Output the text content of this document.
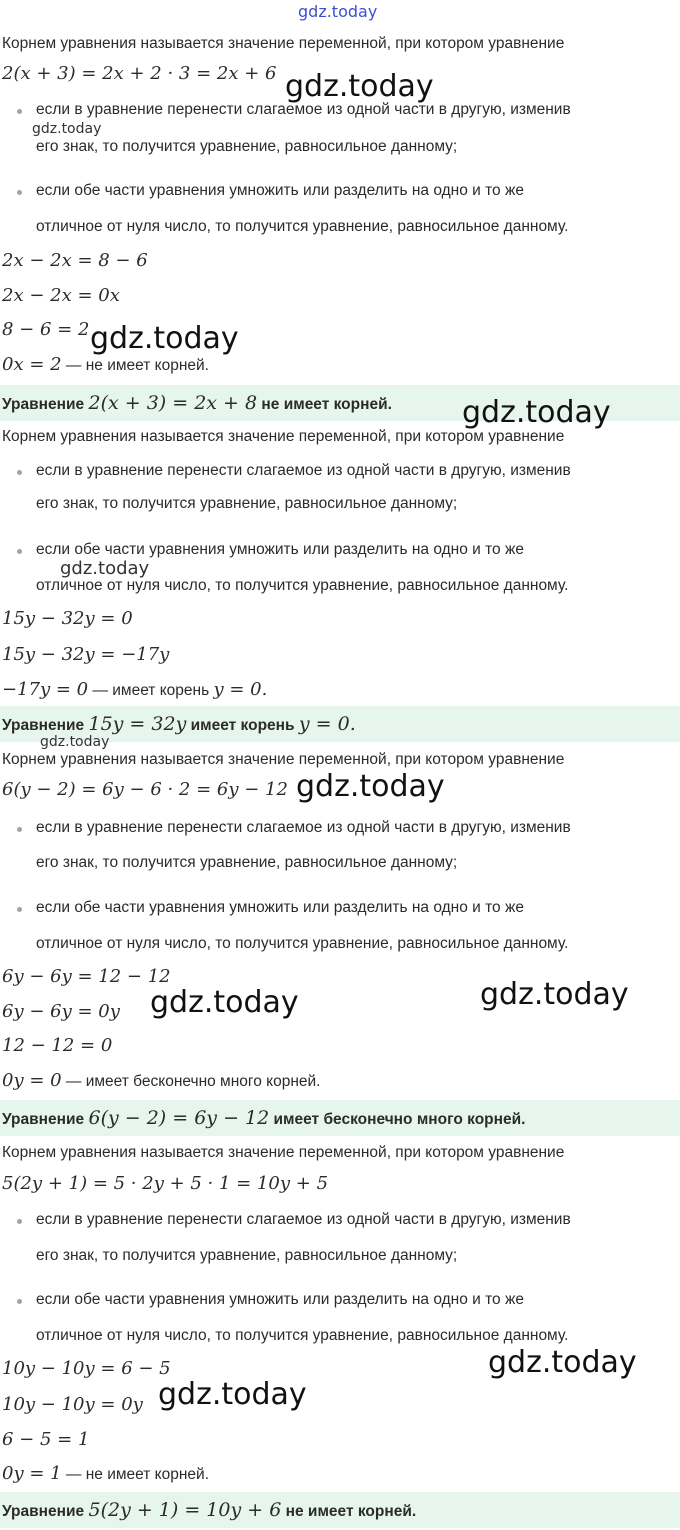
gdz.today
Корнем уравнения называется значение переменной, при котором уравнение
2(x + 3) = 2x + 2 · 3 = 2x + 6 gdz.today
если в уравнение перенести слагаемое из одной части в другую, изменив
gdz.today
его знак, то получится уравнение, равносильное данному;
если обе части уравнения умножить или разделить на одно и то же
отличное от нуля число, то получится уравнение, равносильное данному.
2x − 2x = 8 − 6
2x − 2x = 0x
8 − 6 = 2 gdz.today
0x = 2 — не имеет корней.
Уравнение 2(x + 3) = 2x + 8 не имеет корней.	gdz.today
Корнем уравнения называется значение переменной, при котором уравнение
если в уравнение перенести слагаемое из одной части в другую, изменив
его знак, то получится уравнение, равносильное данному;
если обе части уравнения умножить или разделить на одно и то же
gdz.today
отличное от нуля число, то получится уравнение, равносильное данному.
15y − 32y = 0
15y − 32y = −17y
−17y = 0 — имеет корень y = 0.
Уравнение 15y = 32y имеет корень y = 0.
gdz.today
Корнем уравнения называется значение переменной, при котором уравнение
6(y − 2) = 6y − 6 · 2 = 6y − 12 gdz.today
если в уравнение перенести слагаемое из одной части в другую, изменив
его знак, то получится уравнение, равносильное данному;
если обе части уравнения умножить или разделить на одно и то же
отличное от нуля число, то получится уравнение, равносильное данному.
6y − 6y = 12 − 12
gdz.today
6y − 6y = 0y gdz.today
12 − 12 = 0
0y = 0 — имеет бесконечно много корней.
Уравнение 6(y − 2) = 6y − 12 имеет бесконечно много корней.
Корнем уравнения называется значение переменной, при котором уравнение
5(2y + 1) = 5 · 2y + 5 · 1 = 10y + 5
если в уравнение перенести слагаемое из одной части в другую, изменив
его знак, то получится уравнение, равносильное данному;
если обе части уравнения умножить или разделить на одно и то же
отличное от нуля число, то получится уравнение, равносильное данному.
10y − 10y = 6 − 5	gdz.today
10y − 10y = 0y gdz.today
6 − 5 = 1
0y = 1 — не имеет корней.
Уравнение 5(2y + 1) = 10y + 6 не имеет корней.
